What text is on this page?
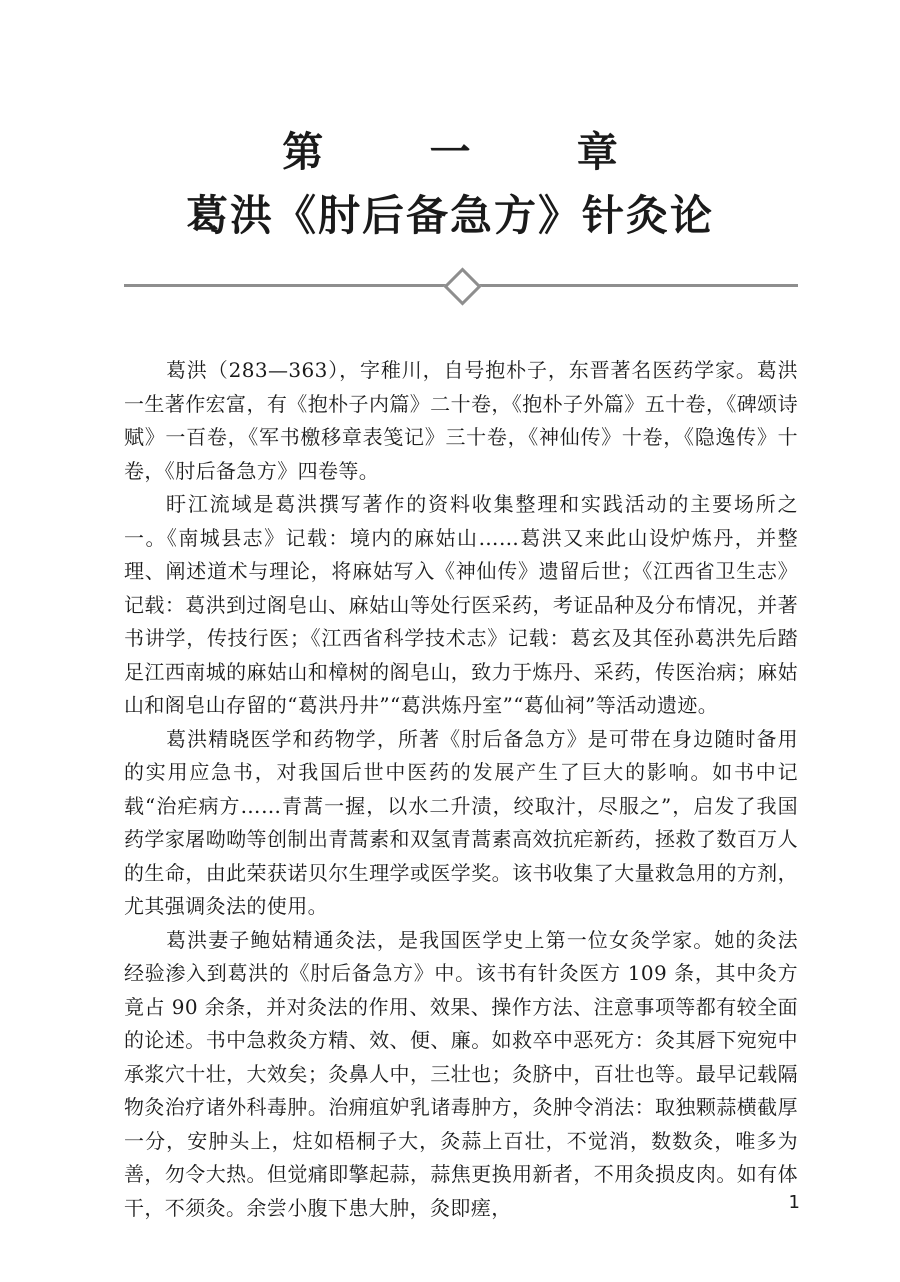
第 一 章
葛洪《肘后备急方》针灸论

葛洪（283—363），字稚川，自号抱朴子，东晋著名医药学家。葛洪一生著作宏富，有《抱朴子内篇》二十卷，《抱朴子外篇》五十卷，《碑颂诗赋》一百卷，《军书檄移章表笺记》三十卷，《神仙传》十卷，《隐逸传》十卷，《肘后备急方》四卷等。

盱江流域是葛洪撰写著作的资料收集整理和实践活动的主要场所之一。《南城县志》记载：境内的麻姑山……葛洪又来此山设炉炼丹，并整理、阐述道术与理论，将麻姑写入《神仙传》遗留后世；《江西省卫生志》记载：葛洪到过阁皂山、麻姑山等处行医采药，考证品种及分布情况，并著书讲学，传技行医；《江西省科学技术志》记载：葛玄及其侄孙葛洪先后踏足江西南城的麻姑山和樟树的阁皂山，致力于炼丹、采药，传医治病；麻姑山和阁皂山存留的“葛洪丹井”“葛洪炼丹室”“葛仙祠”等活动遗迹。

葛洪精晓医学和药物学，所著《肘后备急方》是可带在身边随时备用的实用应急书，对我国后世中医药的发展产生了巨大的影响。如书中记载“治疟病方……青蒿一握，以水二升渍，绞取汁，尽服之”，启发了我国药学家屠呦呦等创制出青蒿素和双氢青蒿素高效抗疟新药，拯救了数百万人的生命，由此荣获诺贝尔生理学或医学奖。该书收集了大量救急用的方剂，尤其强调灸法的使用。

葛洪妻子鲍姑精通灸法，是我国医学史上第一位女灸学家。她的灸法经验渗入到葛洪的《肘后备急方》中。该书有针灸医方 109 条，其中灸方竟占 90 余条，并对灸法的作用、效果、操作方法、注意事项等都有较全面的论述。书中急救灸方精、效、便、廉。如救卒中恶死方：灸其唇下宛宛中承浆穴十壮，大效矣；灸鼻人中，三壮也；灸脐中，百壮也等。最早记载隔物灸治疗诸外科毒肿。治痈疽妒乳诸毒肿方，灸肿令消法：取独颗蒜横截厚一分，安肿头上，炷如梧桐子大，灸蒜上百壮，不觉消，数数灸，唯多为善，勿令大热。但觉痛即擎起蒜，蒜焦更换用新者，不用灸损皮肉。如有体干，不须灸。余尝小腹下患大肿，灸即瘥，	1
